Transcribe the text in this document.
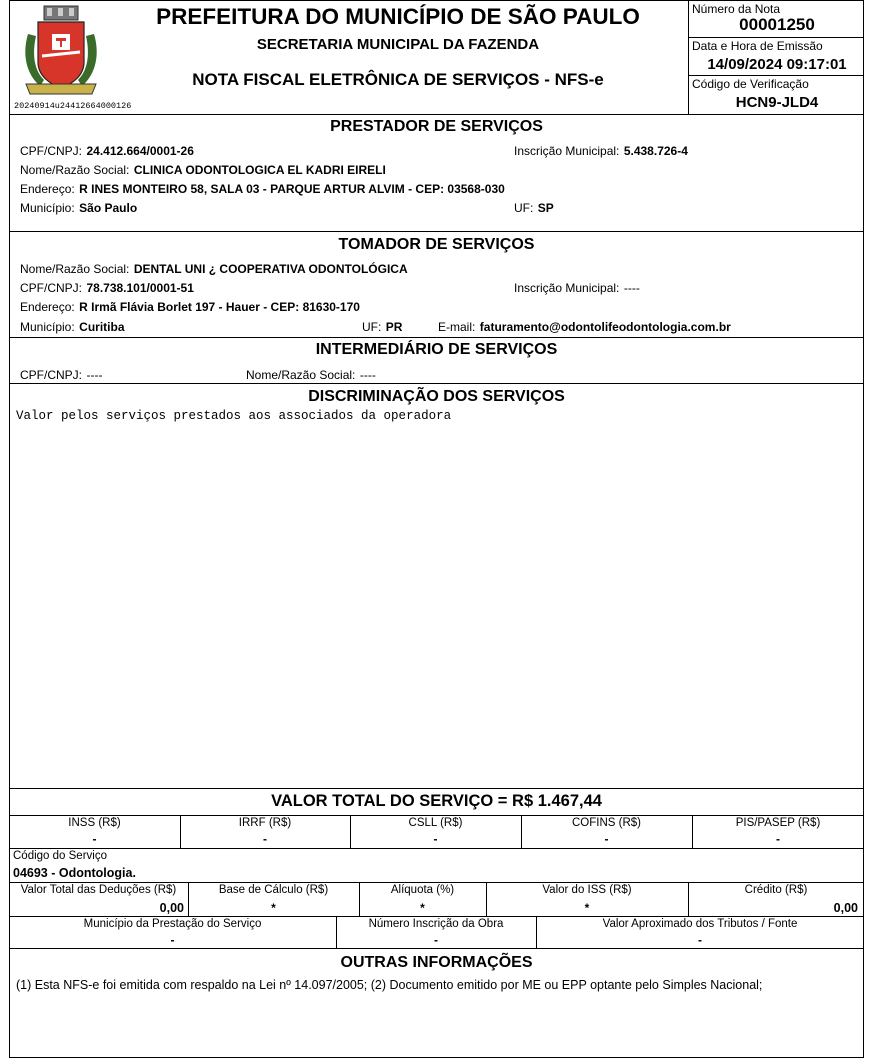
20240914u24412664000126
PREFEITURA DO MUNICÍPIO DE SÃO PAULO
SECRETARIA MUNICIPAL DA FAZENDA
NOTA FISCAL ELETRÔNICA DE SERVIÇOS - NFS-e
Número da Nota
00001250
Data e Hora de Emissão
14/09/2024 09:17:01
Código de Verificação
HCN9-JLD4
PRESTADOR DE SERVIÇOS
CPF/CNPJ: 24.412.664/0001-26	Inscrição Municipal: 5.438.726-4
Nome/Razão Social: CLINICA ODONTOLOGICA EL KADRI EIRELI
Endereço: R INES MONTEIRO 58, SALA 03 - PARQUE ARTUR ALVIM - CEP: 03568-030
Município: São Paulo	UF: SP
TOMADOR DE SERVIÇOS
Nome/Razão Social: DENTAL UNI ¿ COOPERATIVA ODONTOLÓGICA
CPF/CNPJ: 78.738.101/0001-51	Inscrição Municipal: ----
Endereço: R Irmã Flávia Borlet 197 - Hauer - CEP: 81630-170
Município: Curitiba	UF: PR	E-mail: faturamento@odontolifeodontologia.com.br
INTERMEDIÁRIO DE SERVIÇOS
CPF/CNPJ: ----	Nome/Razão Social: ----
DISCRIMINAÇÃO DOS SERVIÇOS
Valor pelos serviços prestados aos associados da operadora
VALOR TOTAL DO SERVIÇO = R$ 1.467,44
INSS (R$)	IRRF (R$)	CSLL (R$)	COFINS (R$)	PIS/PASEP (R$)
-	-	-	-	-
Código do Serviço
04693 - Odontologia.
Valor Total das Deduções (R$)	Base de Cálculo (R$)	Alíquota (%)	Valor do ISS (R$)	Crédito (R$)
0,00	*	*	*	0,00
Município da Prestação do Serviço	Número Inscrição da Obra	Valor Aproximado dos Tributos / Fonte
-	-	-
OUTRAS INFORMAÇÕES
(1) Esta NFS-e foi emitida com respaldo na Lei nº 14.097/2005; (2) Documento emitido por ME ou EPP optante pelo Simples Nacional;
